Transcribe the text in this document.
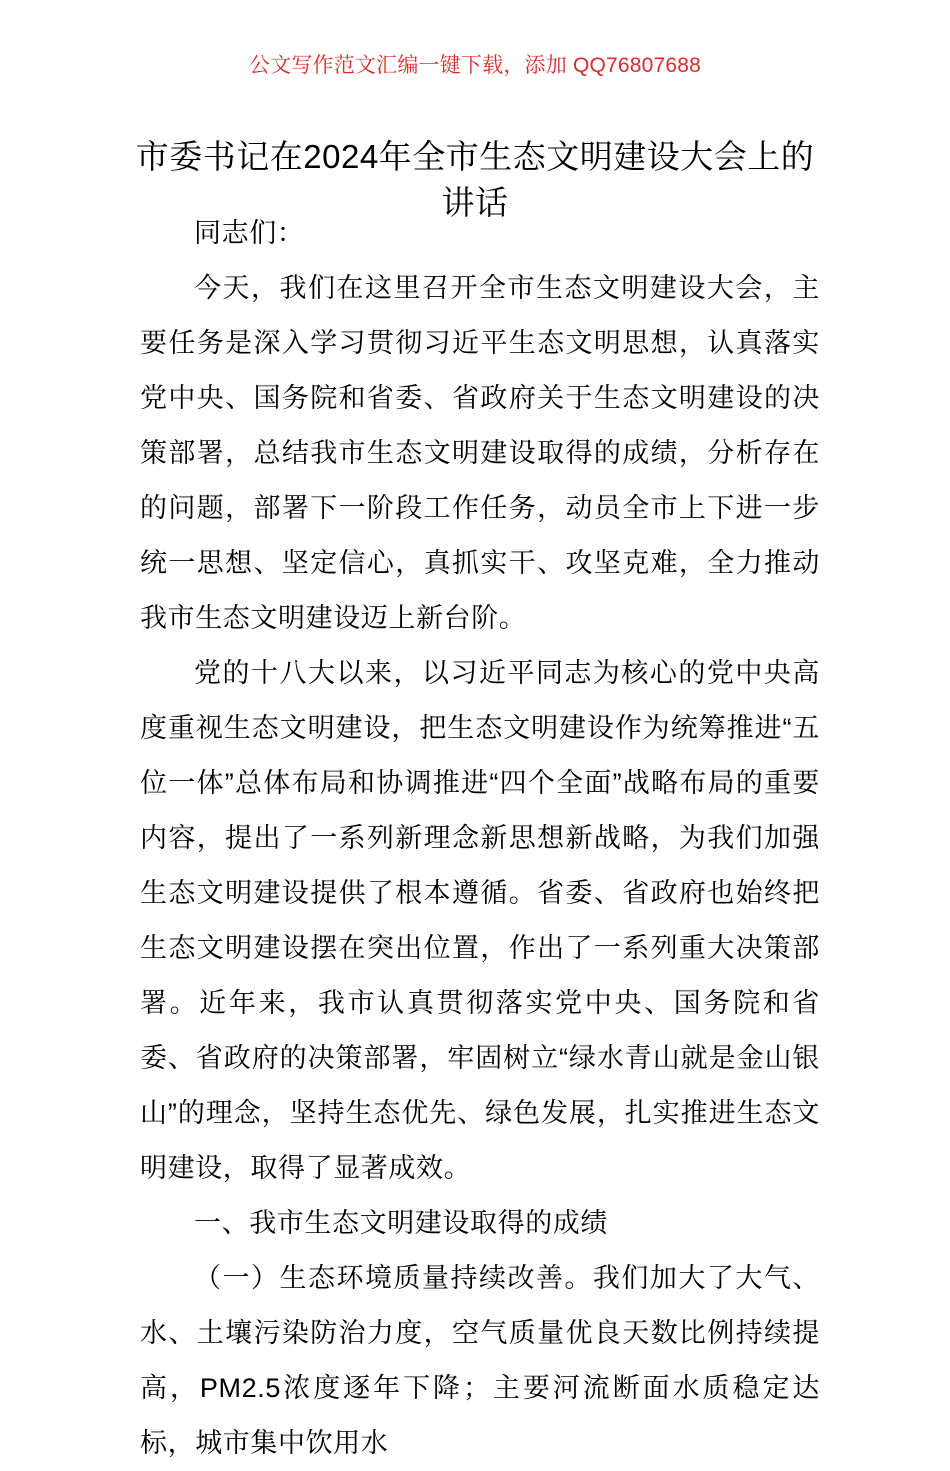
公文写作范文汇编一键下载，添加 QQ76807688
市委书记在2024年全市生态文明建设大会上的讲话

同志们：

今天，我们在这里召开全市生态文明建设大会，主要任务是深入学习贯彻习近平生态文明思想，认真落实党中央、国务院和省委、省政府关于生态文明建设的决策部署，总结我市生态文明建设取得的成绩，分析存在的问题，部署下一阶段工作任务，动员全市上下进一步统一思想、坚定信心，真抓实干、攻坚克难，全力推动我市生态文明建设迈上新台阶。

党的十八大以来，以习近平同志为核心的党中央高度重视生态文明建设，把生态文明建设作为统筹推进“五位一体”总体布局和协调推进“四个全面”战略布局的重要内容，提出了一系列新理念新思想新战略，为我们加强生态文明建设提供了根本遵循。省委、省政府也始终把生态文明建设摆在突出位置，作出了一系列重大决策部署。近年来，我市认真贯彻落实党中央、国务院和省委、省政府的决策部署，牢固树立“绿水青山就是金山银山”的理念，坚持生态优先、绿色发展，扎实推进生态文明建设，取得了显著成效。

一、我市生态文明建设取得的成绩

（一）生态环境质量持续改善。我们加大了大气、水、土壤污染防治力度，空气质量优良天数比例持续提高，PM2.5浓度逐年下降；主要河流断面水质稳定达标，城市集中饮用水
